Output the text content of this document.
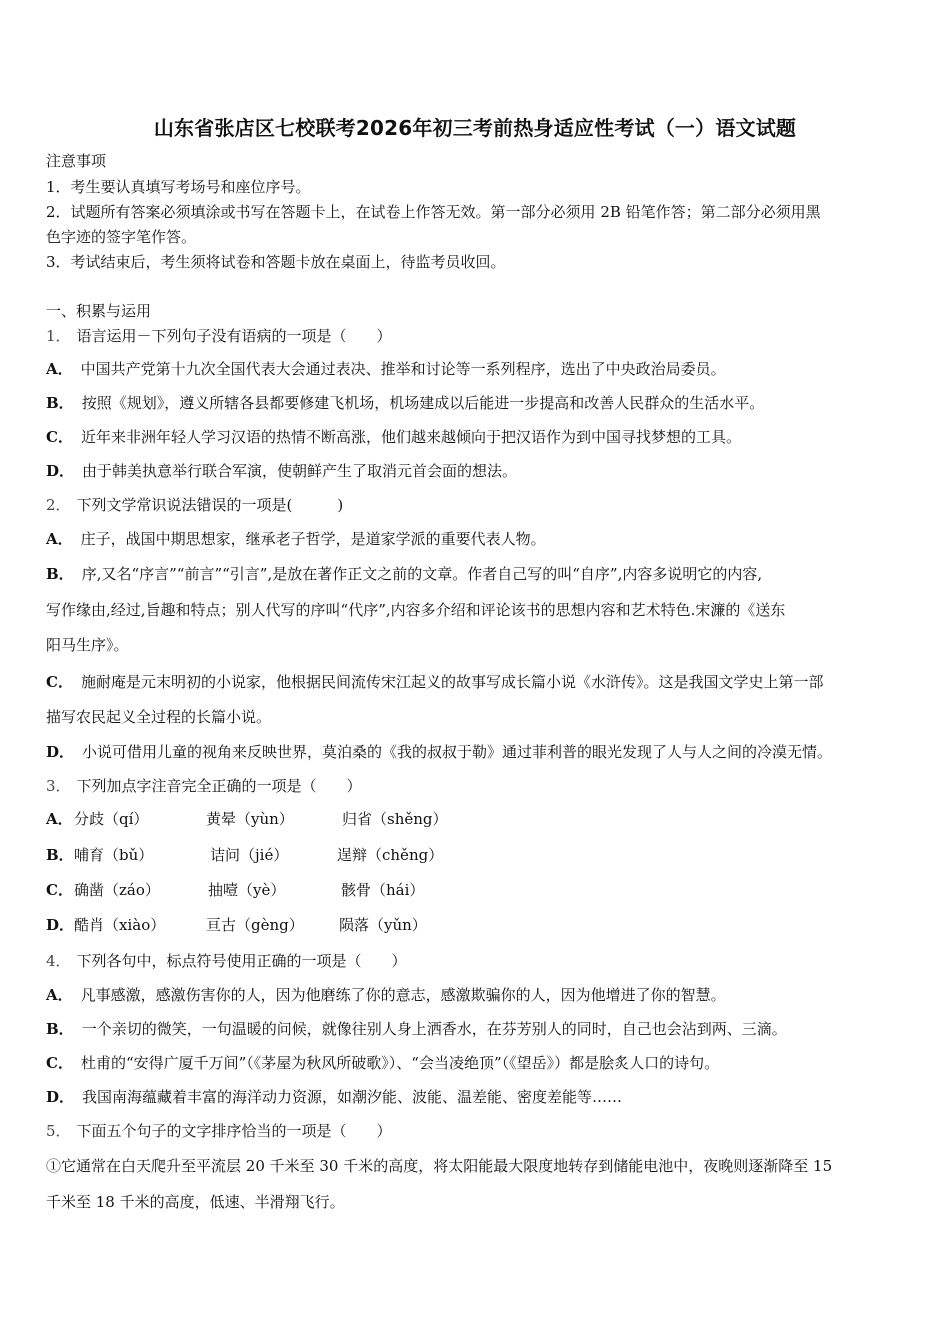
山东省张店区七校联考2026年初三考前热身适应性考试（一）语文试题
注意事项
1．考生要认真填写考场号和座位序号。
2．试题所有答案必须填涂或书写在答题卡上，在试卷上作答无效。第一部分必须用 2B 铅笔作答；第二部分必须用黑
色字迹的签字笔作答。
3．考试结束后，考生须将试卷和答题卡放在桌面上，待监考员收回。
一、积累与运用
1． 语言运用－下列句子没有语病的一项是（　　）
A． 中国共产党第十九次全国代表大会通过表决、推举和讨论等一系列程序，选出了中央政治局委员。
B． 按照《规划》，遵义所辖各县都要修建飞机场，机场建成以后能进一步提高和改善人民群众的生活水平。
C． 近年来非洲年轻人学习汉语的热情不断高涨，他们越来越倾向于把汉语作为到中国寻找梦想的工具。
D． 由于韩美执意举行联合军演，使朝鲜产生了取消元首会面的想法。
2． 下列文学常识说法错误的一项是(　　　)
A． 庄子，战国中期思想家，继承老子哲学，是道家学派的重要代表人物。
B． 序,又名“序言”“前言”“引言”,是放在著作正文之前的文章。作者自己写的叫“自序”,内容多说明它的内容,
写作缘由,经过,旨趣和特点；别人代写的序叫“代序”,内容多介绍和评论该书的思想内容和艺术特色.宋濂的《送东
阳马生序》。
C． 施耐庵是元末明初的小说家，他根据民间流传宋江起义的故事写成长篇小说《水浒传》。这是我国文学史上第一部
描写农民起义全过程的长篇小说。
D． 小说可借用儿童的视角来反映世界，莫泊桑的《我的叔叔于勒》通过菲利普的眼光发现了人与人之间的冷漠无情。
3． 下列加点字注音完全正确的一项是（　　）
A． 分歧（qí）	黄晕（yùn）	归省（shěng）
B． 哺育（bǔ）	诘问（jié）	逞辩（chěng）
C． 确凿（záo）	抽噎（yè）	骸骨（hái）
D． 酷肖（xiào）	亘古（gèng） 陨落（yǔn）
4． 下列各句中，标点符号使用正确的一项是（　　）
A． 凡事感激，感激伤害你的人，因为他磨练了你的意志，感激欺骗你的人，因为他增进了你的智慧。
B． 一个亲切的微笑，一句温暖的问候，就像往别人身上洒香水，在芬芳别人的同时，自己也会沾到两、三滴。
C． 杜甫的“安得广厦千万间”（《茅屋为秋风所破歌》）、“会当凌绝顶”（《望岳》）都是脍炙人口的诗句。
D． 我国南海蕴藏着丰富的海洋动力资源，如潮汐能、波能、温差能、密度差能等……
5． 下面五个句子的文字排序恰当的一项是（　　）
①它通常在白天爬升至平流层 20 千米至 30 千米的高度，将太阳能最大限度地转存到储能电池中，夜晚则逐渐降至 15
千米至 18 千米的高度，低速、半滑翔飞行。
